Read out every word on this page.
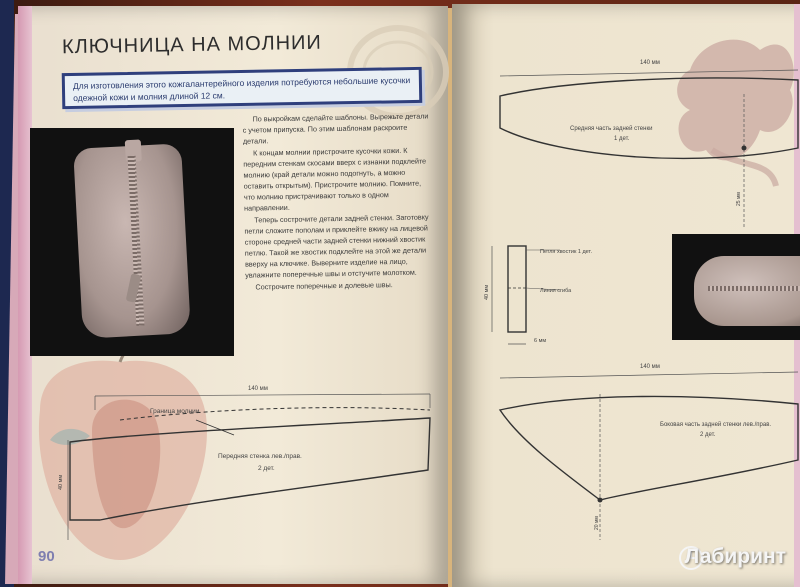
140 мм
Граница молнии
Передняя стенка лев./прав.
2 дет.
40 мм
140 мм
Средняя часть задней стенки
1 дет.
25 мм
Петля хвостик 1 дет.
Линия сгиба
40 мм
6 мм
140 мм
Боковая часть задней стенки лев./прав.
2 дет.
20 мм
КЛЮЧНИЦА НА МОЛНИИ
Для изготовления этого кожгалантерейного изделия потребуются небольшие кусочки одежной кожи и молния длиной 12 см.

По выкройкам сделайте шаблоны. Вырежьте детали с учетом припуска. По этим шаблонам раскроите детали.

К концам молнии пристрочите кусочки кожи. К передним стенкам скосами вверх с изнанки подклейте молнию (край детали можно подогнуть, а можно оставить открытым). Пристрочите молнию. Помните, что молнию пристрачивают только в одном направлении.

Теперь сострочите детали задней стенки. Заготовку петли сложите пополам и приклейте вжику на лицевой стороне средней части задней стенки нижний хвостик петлю. Такой же хвостик подклейте на этой же детали вверху на ключике. Выверните изделие на лицо, увлажните поперечные швы и отстучите молотком.

Сострочите поперечные и долевые швы.

90	Лабиринт
